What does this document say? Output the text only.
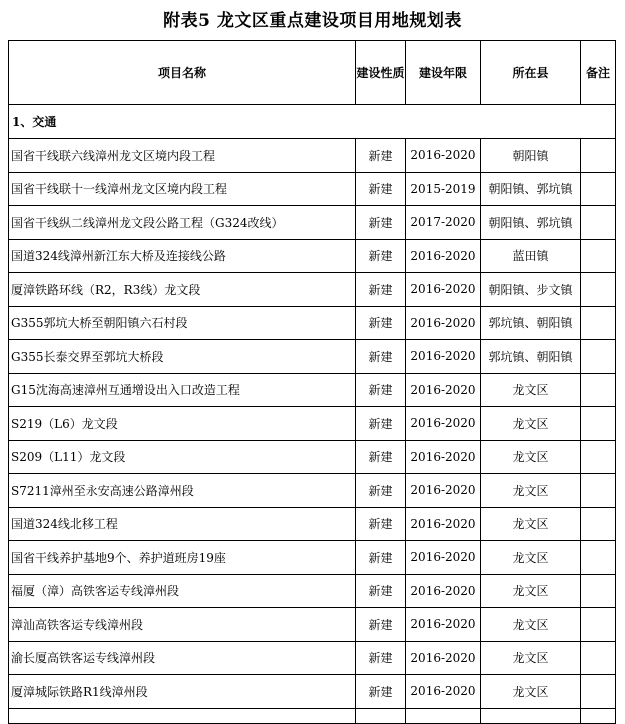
附表5 龙文区重点建设项目用地规划表
项目名称	建设性质	建设年限	所在县	备注
1、交通				
国省干线联六线漳州龙文区境内段工程	新建	2016-2020	朝阳镇	
国省干线联十一线漳州龙文区境内段工程	新建	2015-2019	朝阳镇、郭坑镇	
国省干线纵二线漳州龙文段公路工程（G324改线）	新建	2017-2020	朝阳镇、郭坑镇	
国道324线漳州新江东大桥及连接线公路	新建	2016-2020	蓝田镇	
厦漳铁路环线（R2，R3线）龙文段	新建	2016-2020	朝阳镇、步文镇	
G355郭坑大桥至朝阳镇六石村段	新建	2016-2020	郭坑镇、朝阳镇	
G355长泰交界至郭坑大桥段	新建	2016-2020	郭坑镇、朝阳镇	
G15沈海高速漳州互通增设出入口改造工程	新建	2016-2020	龙文区	
S219（L6）龙文段	新建	2016-2020	龙文区	
S209（L11）龙文段	新建	2016-2020	龙文区	
S7211漳州至永安高速公路漳州段	新建	2016-2020	龙文区	
国道324线北移工程	新建	2016-2020	龙文区	
国省干线养护基地9个、养护道班房19座	新建	2016-2020	龙文区	
福厦（漳）高铁客运专线漳州段	新建	2016-2020	龙文区	
漳汕高铁客运专线漳州段	新建	2016-2020	龙文区	
渝长厦高铁客运专线漳州段	新建	2016-2020	龙文区	
厦漳城际铁路R1线漳州段	新建	2016-2020	龙文区	
